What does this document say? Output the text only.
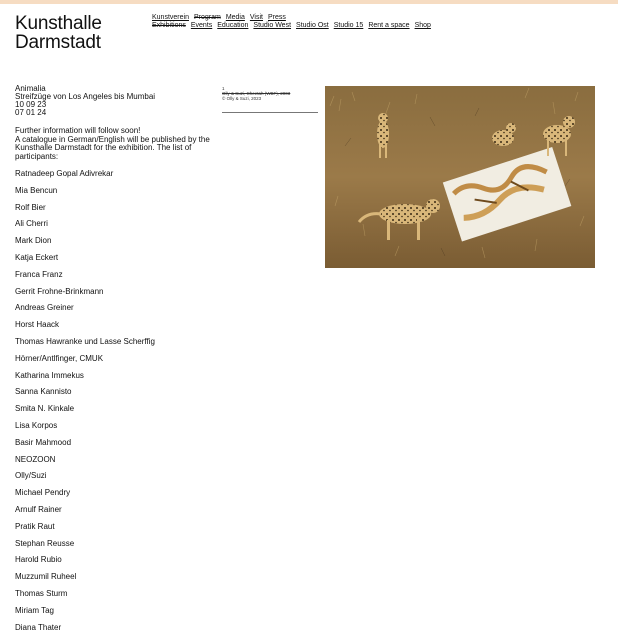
Kunsthalle
Darmstadt
Kunstverein Program Media Visit Press
Exhibitions Events Education Studio West Studio Ost Studio 15 Rent a space Shop
Animalia
Streifzüge von Los Angeles bis Mumbai
10 09 23
07 01 24
Further information will follow soon!
A catalogue in German/English will be published by the Kunsthalle Darmstadt for the exhibition. The list of participants:
Ratnadeep Gopal Adivrekar
Mia Bencun
Rolf Bier
Ali Cherri
Mark Dion
Katja Eckert
Franca Franz
Gerrit Frohne-Brinkmann
Andreas Greiner
Horst Haack
Thomas Hawranke und Lasse Scherffig
Hörner/Antlfinger, CMUK
Katharina Immekus
Sanna Kannisto
Smita N. Kinkale
Lisa Korpos
Basir Mahmood
NEOZOON
Olly/Suzi
Michael Pendry
Arnulf Rainer
Pratik Raut
Stephan Reusse
Harold Rubio
Muzzumil Ruheel
Thomas Sturm
Miriam Tag
Diana Thater
1
Olly & Suzi, Cheetah (WBF), 2003
© Olly & Suzi, 2023
